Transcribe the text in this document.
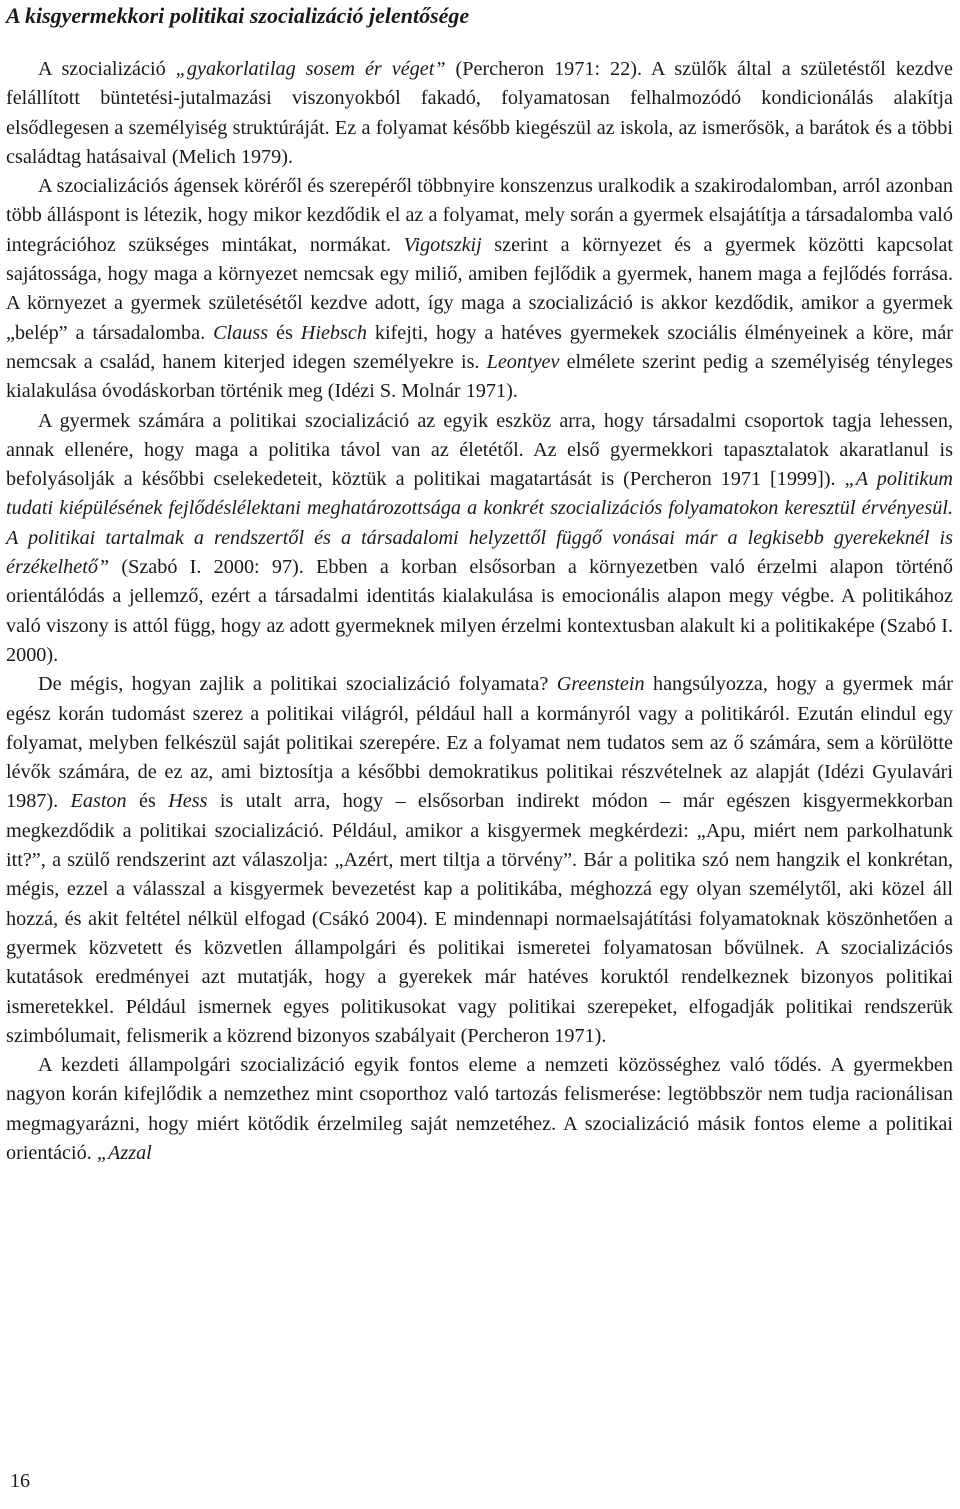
A kisgyermekkori politikai szocializáció jelentősége

A szocializáció „gyakorlatilag sosem ér véget” (Percheron 1971: 22). A szülők által a születéstől kezdve felállított büntetési-jutalmazási viszonyokból fakadó, folyamatosan felhalmozódó kondicionálás alakítja elsődlegesen a személyiség struktúráját. Ez a folyamat később kiegészül az iskola, az ismerősök, a barátok és a többi családtag hatásaival (Melich 1979).

A szocializációs ágensek köréről és szerepéről többnyire konszenzus uralkodik a szakirodalomban, arról azonban több álláspont is létezik, hogy mikor kezdődik el az a folyamat, mely során a gyermek elsajátítja a társadalomba való integrációhoz szükséges mintákat, normákat. Vigotszkij szerint a környezet és a gyermek közötti kapcsolat sajátossága, hogy maga a környezet nemcsak egy miliő, amiben fejlődik a gyermek, hanem maga a fejlődés forrása. A környezet a gyermek születésétől kezdve adott, így maga a szocializáció is akkor kezdődik, amikor a gyermek „belép” a társadalomba. Clauss és Hiebsch kifejti, hogy a hatéves gyermekek szociális élményeinek a köre, már nemcsak a család, hanem kiterjed idegen személyekre is. Leontyev elmélete szerint pedig a személyiség tényleges kialakulása óvodáskorban történik meg (Idézi S. Molnár 1971).

A gyermek számára a politikai szocializáció az egyik eszköz arra, hogy társadalmi csoportok tagja lehessen, annak ellenére, hogy maga a politika távol van az életétől. Az első gyermekkori tapasztalatok akaratlanul is befolyásolják a későbbi cselekedeteit, köztük a politikai magatartását is (Percheron 1971 [1999]). „A politikum tudati kiépülésének fejlődéslélektani meghatározottsága a konkrét szocializációs folyamatokon keresztül érvényesül. A politikai tartalmak a rendszertől és a társadalomi helyzettől függő vonásai már a legkisebb gyerekeknél is érzékelhető” (Szabó I. 2000: 97). Ebben a korban elsősorban a környezetben való érzelmi alapon történő orientálódás a jellemző, ezért a társadalmi identitás kialakulása is emocionális alapon megy végbe. A politikához való viszony is attól függ, hogy az adott gyermeknek milyen érzelmi kontextusban alakult ki a politikaképe (Szabó I. 2000).

De mégis, hogyan zajlik a politikai szocializáció folyamata? Greenstein hangsúlyozza, hogy a gyermek már egész korán tudomást szerez a politikai világról, például hall a kormányról vagy a politikáról. Ezután elindul egy folyamat, melyben felkészül saját politikai szerepére. Ez a folyamat nem tudatos sem az ő számára, sem a körülötte lévők számára, de ez az, ami biztosítja a későbbi demokratikus politikai részvételnek az alapját (Idézi Gyulavári 1987). Easton és Hess is utalt arra, hogy – elsősorban indirekt módon – már egészen kisgyermekkorban megkezdődik a politikai szocializáció. Például, amikor a kisgyermek megkérdezi: „Apu, miért nem parkolhatunk itt?”, a szülő rendszerint azt válaszolja: „Azért, mert tiltja a törvény”. Bár a politika szó nem hangzik el konkrétan, mégis, ezzel a válasszal a kisgyermek bevezetést kap a politikába, méghozzá egy olyan személytől, aki közel áll hozzá, és akit feltétel nélkül elfogad (Csákó 2004). E mindennapi normaelsajátítási folyamatoknak köszönhetően a gyermek közvetett és közvetlen állampolgári és politikai ismeretei folyamatosan bővülnek. A szocializációs kutatások eredményei azt mutatják, hogy a gyerekek már hatéves koruktól rendelkeznek bizonyos politikai ismeretekkel. Például ismernek egyes politikusokat vagy politikai szerepeket, elfogadják politikai rendszerük szimbólumait, felismerik a közrend bizonyos szabályait (Percheron 1971).

A kezdeti állampolgári szocializáció egyik fontos eleme a nemzeti közösséghez való tődés. A gyermekben nagyon korán kifejlődik a nemzethez mint csoporthoz való tartozás felismerése: legtöbbször nem tudja racionálisan megmagyarázni, hogy miért kötődik érzelmileg saját nemzetéhez. A szocializáció másik fontos eleme a politikai orientáció. „Azzal

16
